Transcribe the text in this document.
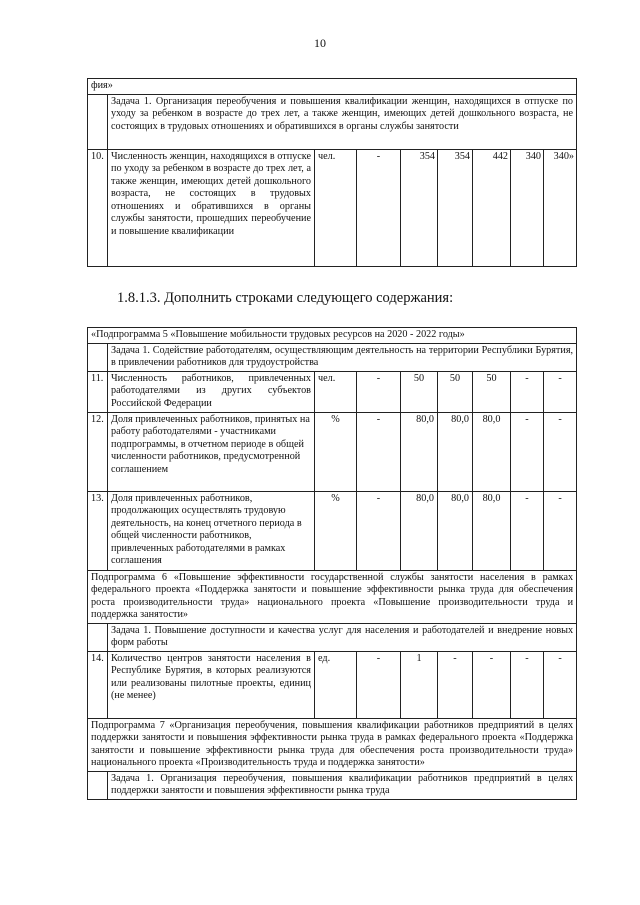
10
фия»								
	Задача 1. Организация переобучения и повышения квалификации женщин, находящихся в отпуске по уходу за ребенком в возрасте до трех лет, а также женщин, имеющих детей дошкольного возраста, не состоящих в трудовых отношениях и обратившихся в органы службы занятости							
10.	Численность женщин, находящихся в отпуске по уходу за ребенком в возрасте до трех лет, а также женщин, имеющих детей дошкольного возраста, не состоящих в трудовых отношениях и обратившихся в органы службы занятости, прошедших переобучение и повышение квалификации	чел.	-	354	354	442	340	340»
1.8.1.3. Дополнить строками следующего содержания:
«Подпрограмма 5 «Повышение мобильности трудовых ресурсов на 2020 - 2022 годы»								
	Задача 1. Содействие работодателям, осуществляющим деятельность на территории Республики Бурятия, в привлечении работников для трудоустройства							
11.	Численность работников, привлеченных работодателями из других субъектов Российской Федерации	чел.	-	50	50	50	-	-
12.	Доля привлеченных работников, принятых на работу работодателями - участниками подпрограммы, в отчетном периоде в общей численности работников, предусмотренной соглашением	%	-	80,0	80,0	80,0	-	-
13.	Доля привлеченных работников, продолжающих осуществлять трудовую деятельность, на конец отчетного периода в общей численности работников, привлеченных работодателями в рамках соглашения	%	-	80,0	80,0	80,0	-	-
Подпрограмма 6 «Повышение эффективности государственной службы занятости населения в рамках федерального проекта «Поддержка занятости и повышение эффективности рынка труда для обеспечения роста производительности труда» национального проекта «Повышение производительности труда и поддержка занятости»								
	Задача 1. Повышение доступности и качества услуг для населения и работодателей и внедрение новых форм работы							
14.	Количество центров занятости населения в Республике Бурятия, в которых реализуются или реализованы пилотные проекты, единиц (не менее)	ед.	-	1	-	-	-	-
Подпрограмма 7 «Организация переобучения, повышения квалификации работников предприятий в целях поддержки занятости и повышения эффективности рынка труда в рамках федерального проекта «Поддержка занятости и повышение эффективности рынка труда для обеспечения роста производительности труда» национального проекта «Производительность труда и поддержка занятости»								
	Задача 1. Организация переобучения, повышения квалификации работников предприятий в целях поддержки занятости и повышения эффективности рынка труда							
